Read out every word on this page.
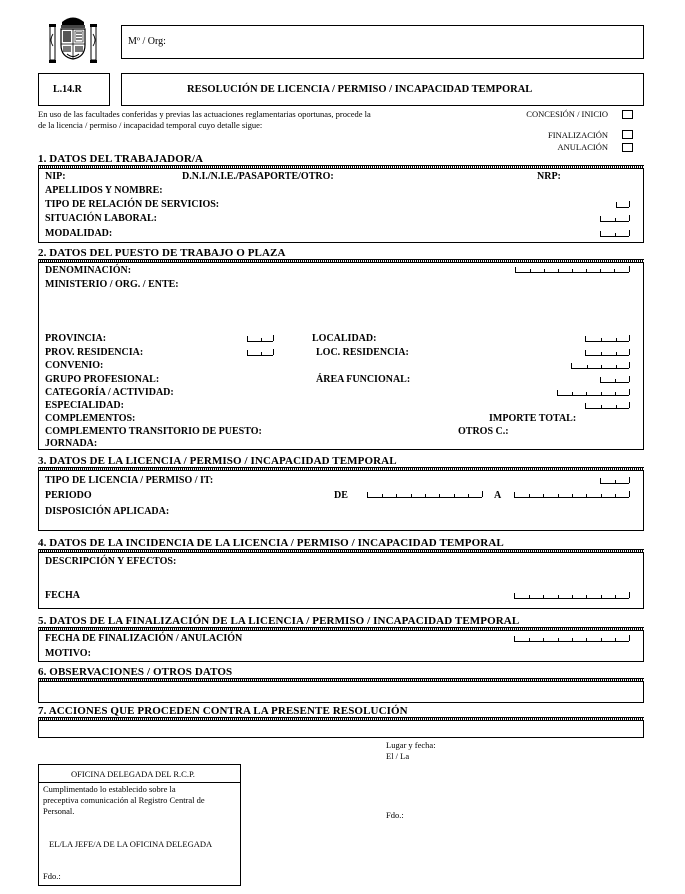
Mº / Org:
L.14.R	RESOLUCIÓN DE LICENCIA / PERMISO / INCAPACIDAD TEMPORAL
En uso de las facultades conferidas y previas las actuaciones reglamentarias oportunas, procede la
de la licencia / permiso / incapacidad temporal cuyo detalle sigue:
CONCESIÓN / INICIO
FINALIZACIÓN
ANULACIÓN
1. DATOS DEL TRABAJADOR/A
NIP:	D.N.I./N.I.E./PASAPORTE/OTRO:	NRP:
APELLIDOS Y NOMBRE:
TIPO DE RELACIÓN DE SERVICIOS:
SITUACIÓN LABORAL:
MODALIDAD:
2. DATOS DEL PUESTO DE TRABAJO O PLAZA
DENOMINACIÓN:
MINISTERIO / ORG. / ENTE:
PROVINCIA:	LOCALIDAD:
PROV. RESIDENCIA:	LOC. RESIDENCIA:
CONVENIO:
GRUPO PROFESIONAL:	ÁREA FUNCIONAL:
CATEGORÍA / ACTIVIDAD:
ESPECIALIDAD:
COMPLEMENTOS:	IMPORTE TOTAL:
COMPLEMENTO TRANSITORIO DE PUESTO:	OTROS C.:
JORNADA:
3. DATOS DE LA LICENCIA / PERMISO / INCAPACIDAD TEMPORAL
TIPO DE LICENCIA / PERMISO / IT:
PERIODO	DE	A
DISPOSICIÓN APLICADA:
4. DATOS DE LA INCIDENCIA DE LA LICENCIA / PERMISO / INCAPACIDAD TEMPORAL
DESCRIPCIÓN Y EFECTOS:
FECHA
5. DATOS DE LA FINALIZACIÓN DE LA LICENCIA / PERMISO / INCAPACIDAD TEMPORAL
FECHA DE FINALIZACIÓN / ANULACIÓN
MOTIVO:
6. OBSERVACIONES / OTROS DATOS
7. ACCIONES QUE PROCEDEN CONTRA LA PRESENTE RESOLUCIÓN
Lugar y fecha:
El / La
Fdo.:
OFICINA DELEGADA DEL R.C.P.
Cumplimentado lo establecido sobre la
preceptiva comunicación al Registro Central de
Personal.
EL/LA JEFE/A DE LA OFICINA DELEGADA
Fdo.:
